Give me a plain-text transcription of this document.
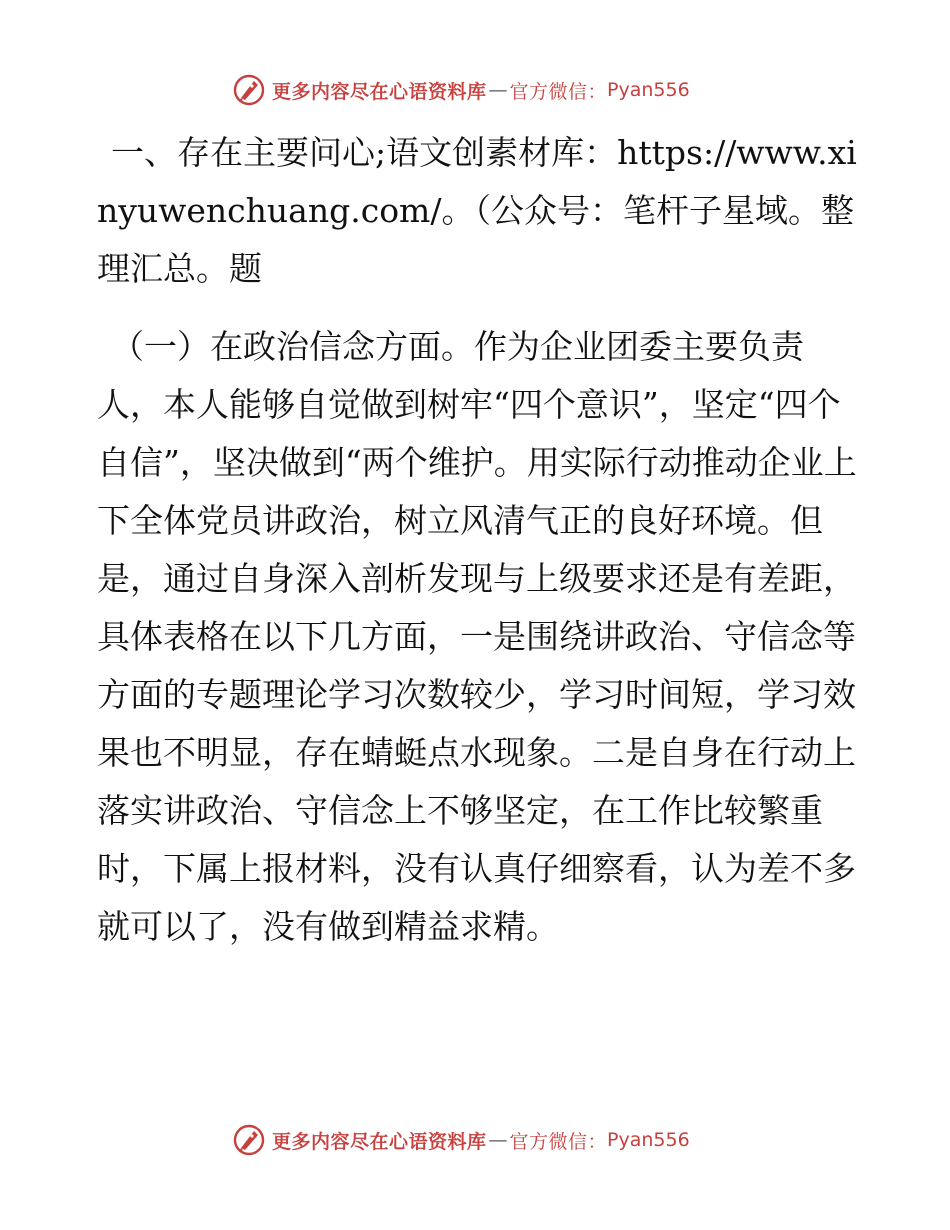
更多内容尽在心语资料库 — 官方微信： Pyan556

一、存在主要问心;语文创素材库：https://www.xinyuwenchuang.com/。（公众号：笔杆子星域。整理汇总。题

（一）在政治信念方面。作为企业团委主要负责人，本人能够自觉做到树牢“四个意识”，坚定“四个自信”，坚决做到“两个维护。用实际行动推动企业上下全体党员讲政治，树立风清气正的良好环境。但是，通过自身深入剖析发现与上级要求还是有差距，具体表格在以下几方面，一是围绕讲政治、守信念等方面的专题理论学习次数较少，学习时间短，学习效果也不明显，存在蜻蜓点水现象。二是自身在行动上落实讲政治、守信念上不够坚定，在工作比较繁重时，下属上报材料，没有认真仔细察看，认为差不多就可以了，没有做到精益求精。

更多内容尽在心语资料库 — 官方微信： Pyan556
